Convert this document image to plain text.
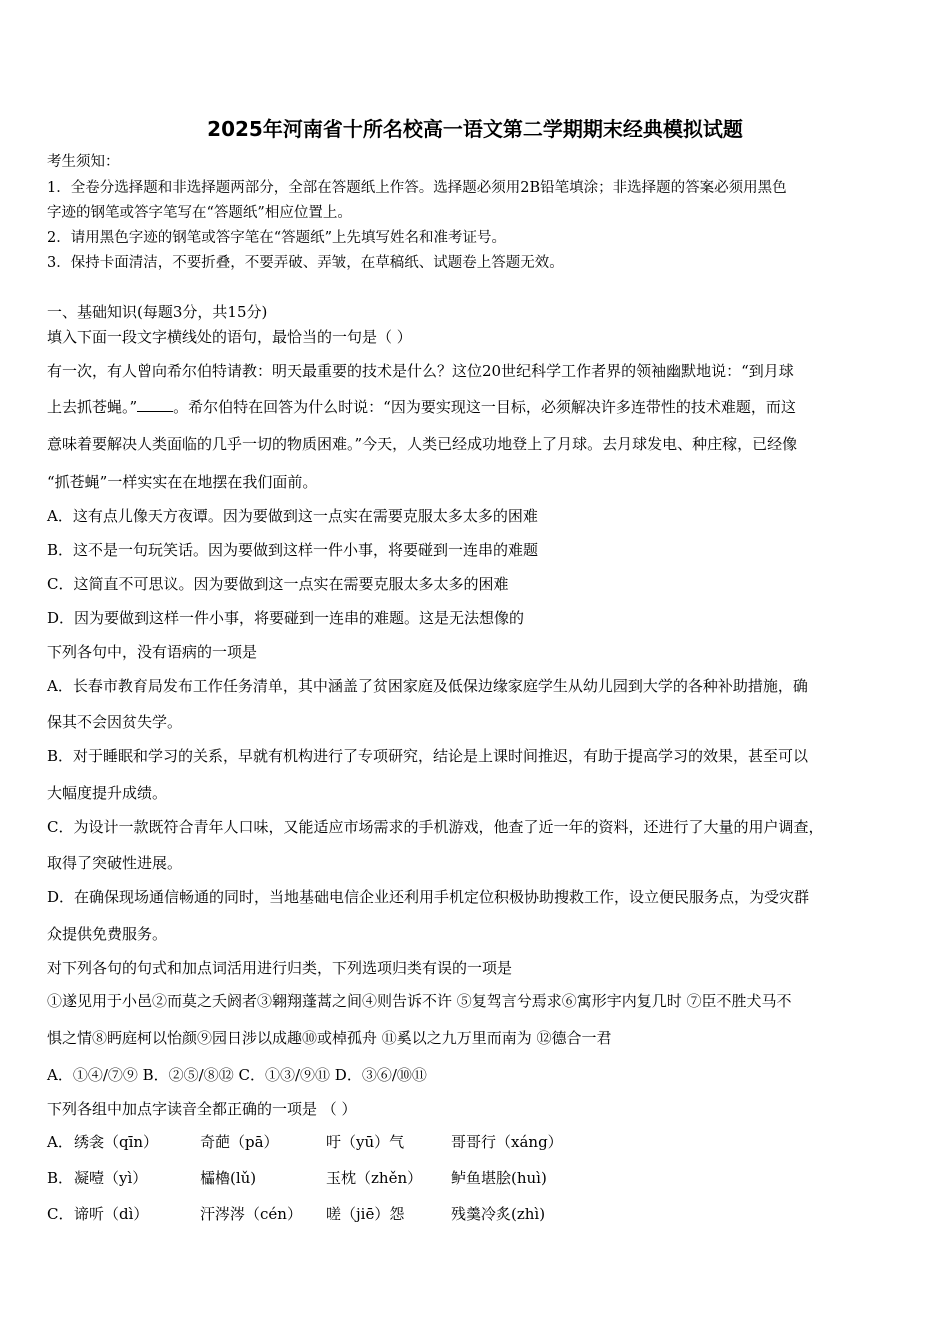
2025年河南省十所名校高一语文第二学期期末经典模拟试题
考生须知：
1．全卷分选择题和非选择题两部分，全部在答题纸上作答。选择题必须用2B铅笔填涂；非选择题的答案必须用黑色
字迹的钢笔或答字笔写在“答题纸”相应位置上。
2．请用黑色字迹的钢笔或答字笔在“答题纸”上先填写姓名和准考证号。
3．保持卡面清洁，不要折叠，不要弄破、弄皱，在草稿纸、试题卷上答题无效。
一、基础知识(每题3分，共15分)
填入下面一段文字横线处的语句，最恰当的一句是（ ）
有一次，有人曾向希尔伯特请教：明天最重要的技术是什么？这位20世纪科学工作者界的领袖幽默地说：“到月球
上去抓苍蝇。” 。希尔伯特在回答为什么时说：“因为要实现这一目标，必须解决许多连带性的技术难题，而这
意味着要解决人类面临的几乎一切的物质困难。”今天，人类已经成功地登上了月球。去月球发电、种庄稼，已经像
“抓苍蝇”一样实实在在地摆在我们面前。
A．这有点儿像天方夜谭。因为要做到这一点实在需要克服太多太多的困难
B．这不是一句玩笑话。因为要做到这样一件小事，将要碰到一连串的难题
C．这简直不可思议。因为要做到这一点实在需要克服太多太多的困难
D．因为要做到这样一件小事，将要碰到一连串的难题。这是无法想像的
下列各句中，没有语病的一项是
A．长春市教育局发布工作任务清单，其中涵盖了贫困家庭及低保边缘家庭学生从幼儿园到大学的各种补助措施，确
保其不会因贫失学。
B．对于睡眠和学习的关系，早就有机构进行了专项研究，结论是上课时间推迟，有助于提高学习的效果，甚至可以
大幅度提升成绩。
C．为设计一款既符合青年人口味，又能适应市场需求的手机游戏，他查了近一年的资料，还进行了大量的用户调查，
取得了突破性进展。
D．在确保现场通信畅通的同时，当地基础电信企业还利用手机定位积极协助搜救工作，设立便民服务点，为受灾群
众提供免费服务。
对下列各句的句式和加点词活用进行归类，下列选项归类有误的一项是
①遂见用于小邑②而莫之夭阏者③翱翔蓬蒿之间④则告诉不许 ⑤复驾言兮焉求⑥寓形宇内复几时 ⑦臣不胜犬马不
惧之情⑧眄庭柯以怡颜⑨园日涉以成趣⑩或棹孤舟 ⑪奚以之九万里而南为 ⑫德合一君
A．①④/⑦⑨ B．②⑤/⑧⑫ C．①③/⑨⑪ D．③⑥/⑩⑪
下列各组中加点字读音全都正确的一项是 （ ）
A． 绣衾（qīn）	奇葩（pā）	吁（yū）气	哥哥行（xáng）
B． 凝噎（yì）	櫺櫓(lǔ)	玉枕（zhěn） 鲈鱼堪脍(huì)
C． 谛听（dì）	汗涔涔（cén） 嗟（jiē）怨	残羹冷炙(zhì)
